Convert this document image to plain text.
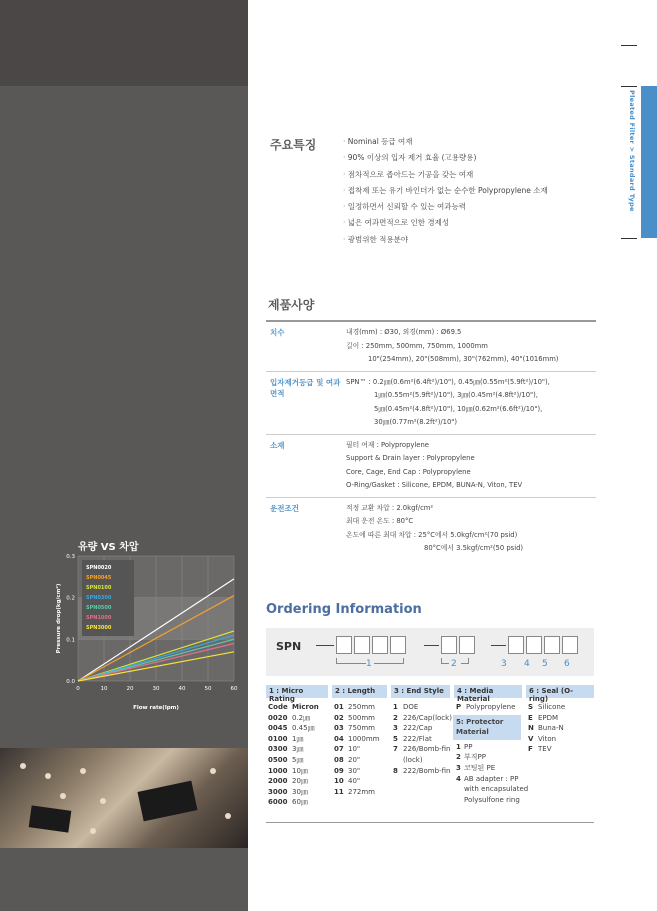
유량 VS 차압
0	10	20	30	40	50	60
0.0
0.1
0.2
0.3
SPN0020
SPN0045
SPN0100
SPN0300
SPN0500
SPN1000
SPN3000
Flow rate(lpm)
Pressure drop(kg/cm²)
Pleated Filter > Standard Type
주요특징
·	Nominal 등급 여재
· 90% 이상의 입자 제거 효율 (고용량용)
· 점차적으로 좁아드는 기공을 갖는 여재
· 접착제 또는 유기 바인더가 없는 순수한 Polypropylene 소재
· 일정하면서 신뢰할 수 있는 여과능력
· 넓은 여과면적으로 인한 경제성
· 광범위한 적용분야
제품사양
치수	내경(mm) : Ø30, 외경(mm) : Ø69.5
길이 : 250mm, 500mm, 750mm, 1000mm
10"(254mm), 20"(508mm), 30"(762mm), 40"(1016mm)
입자제거등급 및 여과면적
SPN™ : 0.2㎛(0.6m²(6.4ft²)/10"), 0.45㎛(0.55m²(5.9ft²)/10"),
1㎛(0.55m²(5.9ft²)/10"), 3㎛(0.45m²(4.8ft²)/10"),
5㎛(0.45m²(4.8ft²)/10"), 10㎛(0.62m²(6.6ft²)/10"),
30㎛(0.77m²(8.2ft²)/10")
소재	필터 여재 : Polypropylene
Support & Drain layer : Polypropylene
Core, Cage, End Cap : Polypropylene
O-Ring/Gasket : Silicone, EPDM, BUNA-N, Viton, TEV
운전조건	적정 교환 차압 : 2.0kgf/cm²
최대 운전 온도 : 80°C
온도에 따른 최대 차압 : 25°C에서 5.0kgf/cm²(70 psid)
80°C에서 3.5kgf/cm²(50 psid)
Ordering Information
SPN
1	2	3 4 5 6
1 : Micro Rating
2 : Length	3 : End Style	4 : Media Material
6 : Seal (O-ring)
Code Micron
0020 0.2㎛
0045 0.45㎛
0100 1㎛
0300 3㎛
0500 5㎛
1000 10㎛
2000 20㎛
3000 30㎛
6000 60㎛
01 250mm
02 500mm
03 750mm
04 1000mm
07 10"
08 20"
09 30"
10 40"
11 272mm
1 DOE
2 226/Cap(lock)
3 222/Cap
5 222/Flat
7 226/Bomb-fin
(lock)
8 222/Bomb-fin
P Polypropylene
5: Protector Material
1 PP
2 부직PP
3 코팅된 PE
4 AB adapter : PP
with encapsulated
Polysulfone ring
S Silicone
E EPDM
N Buna-N
V Viton
F TEV
